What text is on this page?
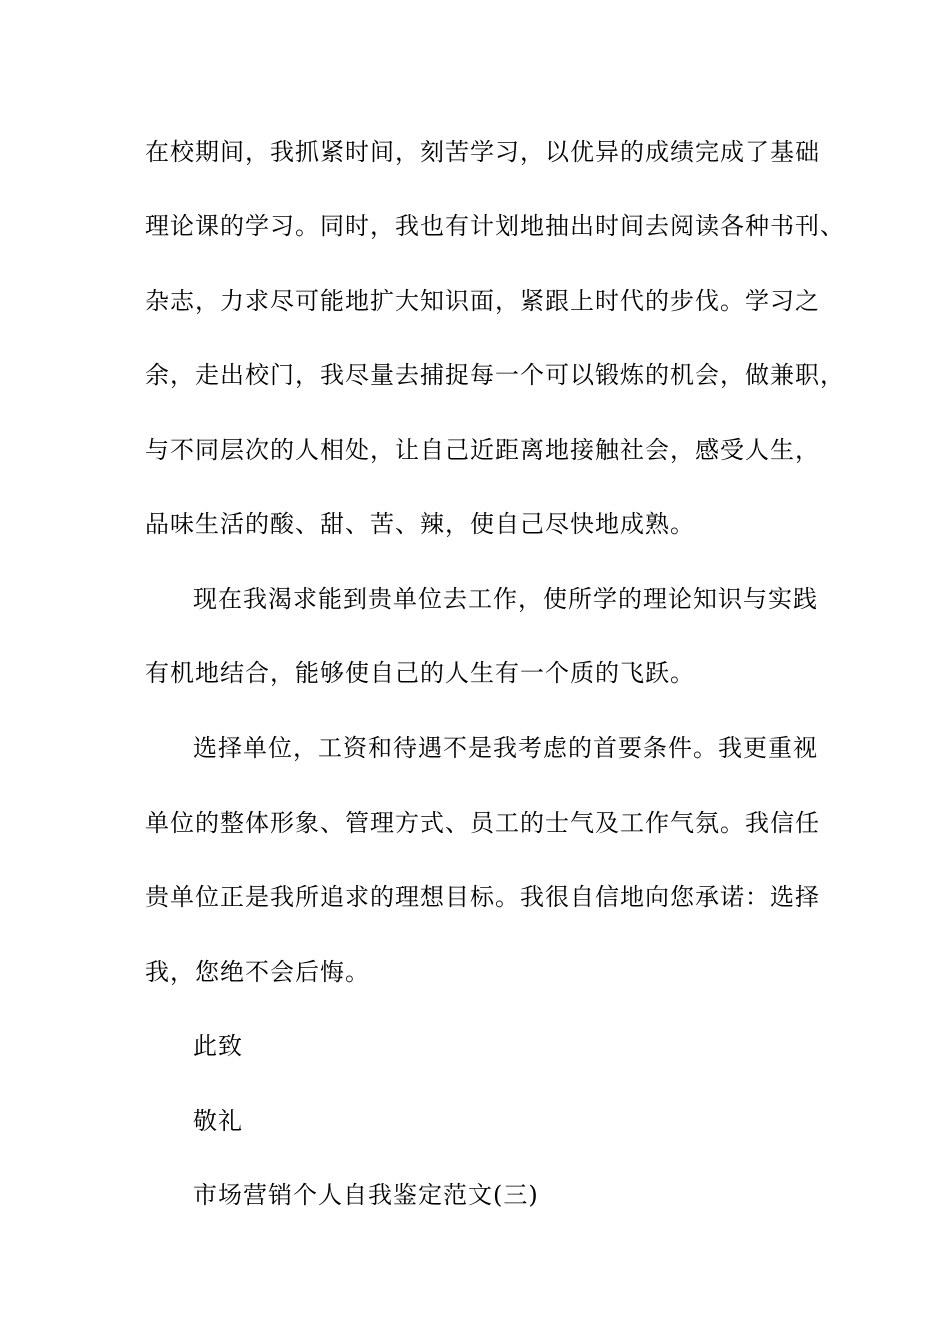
在校期间，我抓紧时间，刻苦学习，以优异的成绩完成了基础
理论课的学习。同时，我也有计划地抽出时间去阅读各种书刊、
杂志，力求尽可能地扩大知识面，紧跟上时代的步伐。学习之
余，走出校门，我尽量去捕捉每一个可以锻炼的机会，做兼职，
与不同层次的人相处，让自己近距离地接触社会，感受人生，
品味生活的酸、甜、苦、辣，使自己尽快地成熟。
现在我渴求能到贵单位去工作，使所学的理论知识与实践
有机地结合，能够使自己的人生有一个质的飞跃。
选择单位，工资和待遇不是我考虑的首要条件。我更重视
单位的整体形象、管理方式、员工的士气及工作气氛。我信任
贵单位正是我所追求的理想目标。我很自信地向您承诺：选择
我，您绝不会后悔。
此致
敬礼
市场营销个人自我鉴定范文(三)
